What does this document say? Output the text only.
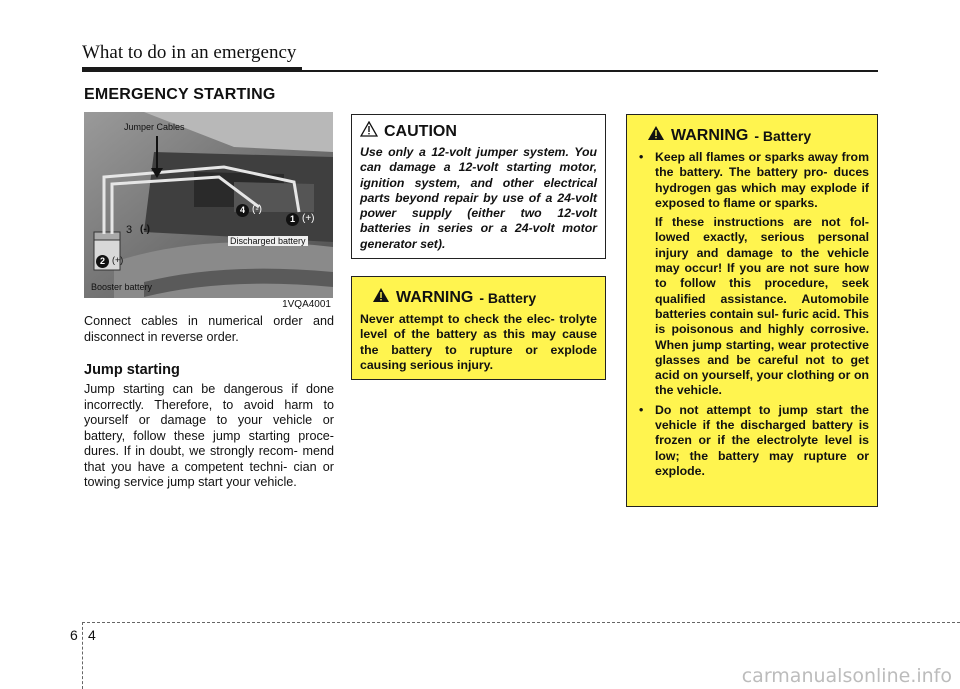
What to do in an emergency
EMERGENCY STARTING
Jumper Cables
3 (-)
4 (-)
1 (+)
2 (+)
Discharged battery
Booster battery
1VQA4001
Connect cables in numerical order and disconnect in reverse order.
Jump starting
Jump starting can be dangerous if done incorrectly. Therefore, to avoid harm to yourself or damage to your vehicle or battery, follow these jump starting proce- dures. If in doubt, we strongly recom- mend that you have a competent techni- cian or towing service jump start your vehicle.
CAUTION
Use only a 12-volt jumper system. You can damage a 12-volt starting motor, ignition system, and other electrical parts beyond repair by use of a 24-volt power supply (either two 12-volt batteries in series or a 24-volt motor generator set).
WARNING - Battery
Never attempt to check the elec- trolyte level of the battery as this may cause the battery to rupture or explode causing serious injury.
WARNING - Battery

• Keep all flames or sparks away from the battery. The battery pro- duces hydrogen gas which may explode if exposed to flame or sparks.

If these instructions are not fol- lowed exactly, serious personal injury and damage to the vehicle may occur! If you are not sure how to follow this procedure, seek qualified assistance. Automobile batteries contain sul- furic acid. This is poisonous and highly corrosive. When jump starting, wear protective glasses and be careful not to get acid on yourself, your clothing or on the vehicle.

• Do not attempt to jump start the vehicle if the discharged battery is frozen or if the electrolyte level is low; the battery may rupture or explode.

6 4
carmanualsonline.info
